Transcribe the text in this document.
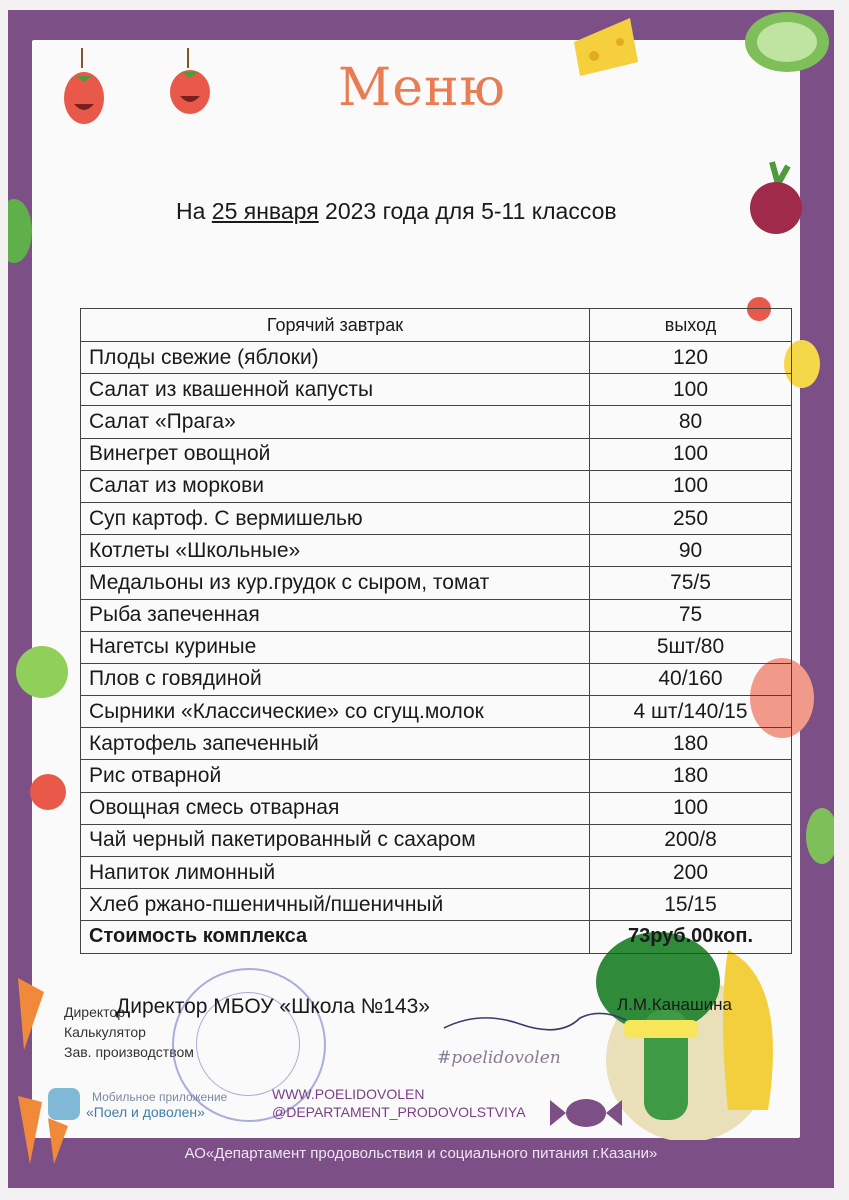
Меню
На 25 января 2023 года для 5-11 классов
Горячий завтрак	выход
Плоды свежие (яблоки)	120
Салат из квашенной капусты	100
Салат «Прага»	80
Винегрет овощной	100
Салат из моркови	100
Суп картоф. С вермишелью	250
Котлеты «Школьные»	90
Медальоны из кур.грудок с сыром, томат	75/5
Рыба запеченная	75
Нагетсы куриные	5шт/80
Плов с говядиной	40/160
Сырники «Классические» со сгущ.молок	4 шт/140/15
Картофель запеченный	180
Рис отварной	180
Овощная смесь отварная	100
Чай черный пакетированный с сахаром	200/8
Напиток лимонный	200
Хлеб ржано-пшеничный/пшеничный	15/15
Стоимость комплекса	73руб.00коп.
Директор
Калькулятор
Зав. производством
Директор МБОУ «Школа №143»	Л.М.Канашина
#poelidovolen
Мобильное приложение
«Поел и доволен»
WWW.POELIDOVOLEN
@DEPARTAMENT_PRODOVOLSTVIYA
АО«Департамент продовольствия и социального питания г.Казани»
